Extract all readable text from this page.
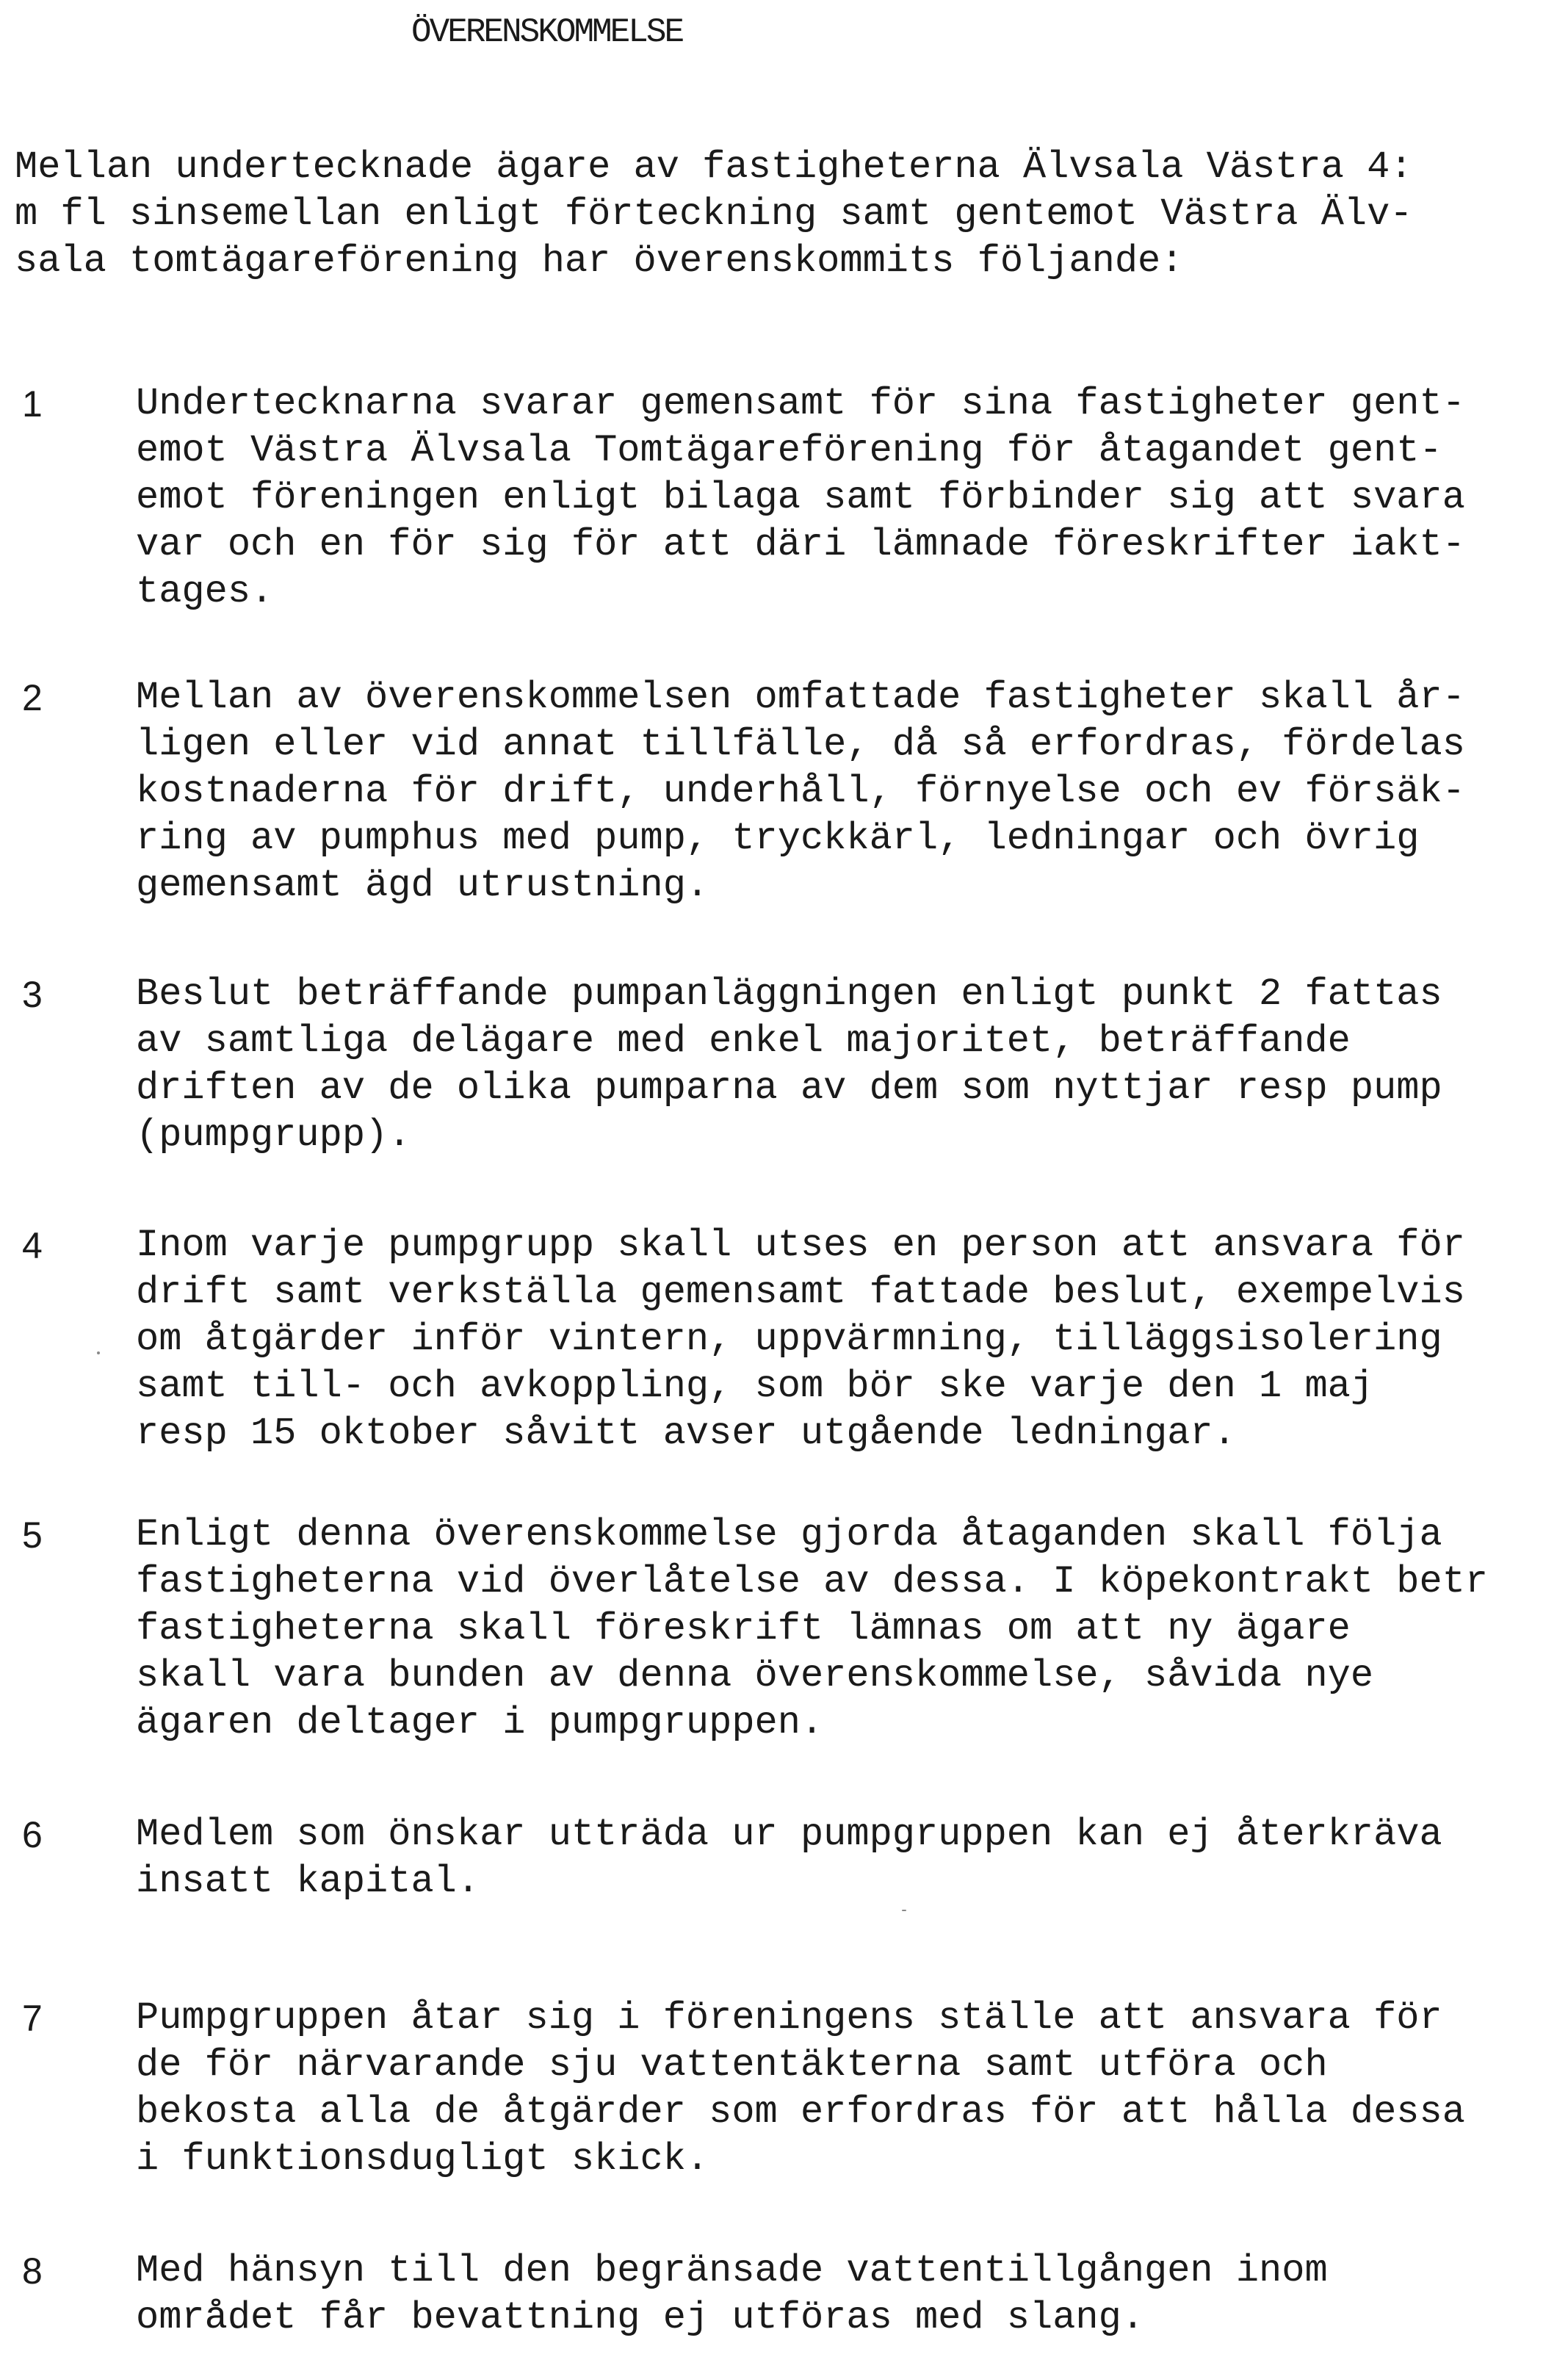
ÖVERENSKOMMELSE
Mellan undertecknade ägare av fastigheterna Älvsala Västra 4:
m fl sinsemellan enligt förteckning samt gentemot Västra Älv-
sala tomtägareförening har överenskommits följande:
1	Undertecknarna svarar gemensamt för sina fastigheter gent-
emot Västra Älvsala Tomtägareförening för åtagandet gent-
emot föreningen enligt bilaga samt förbinder sig att svara
var och en för sig för att däri lämnade föreskrifter iakt-
tages.
2	Mellan av överenskommelsen omfattade fastigheter skall år-
ligen eller vid annat tillfälle, då så erfordras, fördelas
kostnaderna för drift, underhåll, förnyelse och ev försäk-
ring av pumphus med pump, tryckkärl, ledningar och övrig
gemensamt ägd utrustning.
3	Beslut beträffande pumpanläggningen enligt punkt 2 fattas
av samtliga delägare med enkel majoritet, beträffande
driften av de olika pumparna av dem som nyttjar resp pump
(pumpgrupp).
4	Inom varje pumpgrupp skall utses en person att ansvara för
drift samt verkställa gemensamt fattade beslut, exempelvis
om åtgärder inför vintern, uppvärmning, tilläggsisolering
samt till- och avkoppling, som bör ske varje den 1 maj
resp 15 oktober såvitt avser utgående ledningar.
5	Enligt denna överenskommelse gjorda åtaganden skall följa
fastigheterna vid överlåtelse av dessa. I köpekontrakt betr
fastigheterna skall föreskrift lämnas om att ny ägare
skall vara bunden av denna överenskommelse, såvida nye
ägaren deltager i pumpgruppen.
6	Medlem som önskar utträda ur pumpgruppen kan ej återkräva
insatt kapital.
7	Pumpgruppen åtar sig i föreningens ställe att ansvara för
de för närvarande sju vattentäkterna samt utföra och
bekosta alla de åtgärder som erfordras för att hålla dessa
i funktionsdugligt skick.
8	Med hänsyn till den begränsade vattentillgången inom
området får bevattning ej utföras med slang.
